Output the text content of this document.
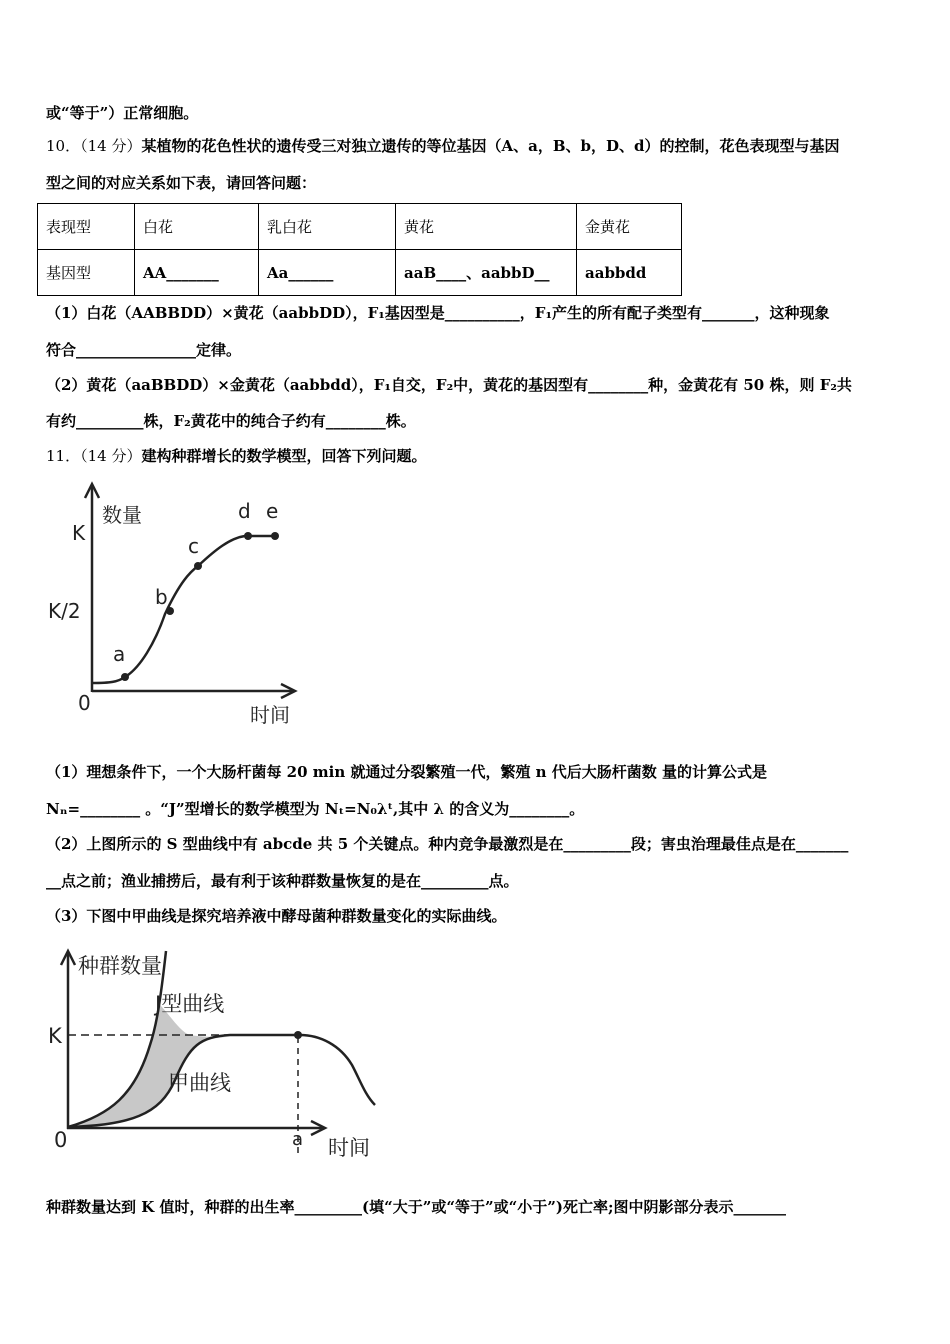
或“等于”）正常细胞。
10．（14 分）某植物的花色性状的遗传受三对独立遗传的等位基因（A、a，B、b，D、d）的控制，花色表现型与基因
型之间的对应关系如下表，请回答问题：
表现型	白花	乳白花	黄花	金黄花
基因型	AA_______	Aa______	aaB____、aabbD__	aabbdd
（1）白花（AABBDD）×黄花（aabbDD），F₁基因型是__________，F₁产生的所有配子类型有_______，这种现象
符合________________定律。
（2）黄花（aaBBDD）×金黄花（aabbdd），F₁自交，F₂中，黄花的基因型有________种，金黄花有 50 株，则 F₂共
有约_________株，F₂黄花中的纯合子约有________株。
11．（14 分）建构种群增长的数学模型，回答下列问题。
数量
K
K/2
0	时间
a
b
c
d e
（1）理想条件下，一个大肠杆菌每 20 min 就通过分裂繁殖一代，繁殖 n 代后大肠杆菌数 量的计算公式是
Nₙ=________ 。“J”型增长的数学模型为 Nₜ=N₀λᵗ,其中 λ 的含义为________。
（2）上图所示的 S 型曲线中有 abcde 共 5 个关键点。种内竞争最激烈是在_________段；害虫治理最佳点是在_______
__点之前；渔业捕捞后，最有利于该种群数量恢复的是在_________点。
（3）下图中甲曲线是探究培养液中酵母菌种群数量变化的实际曲线。
种群数量
K
0
J型曲线
甲曲线
a 时间
种群数量达到 K 值时，种群的出生率_________(填“大于”或“等于”或“小于”)死亡率;图中阴影部分表示_______
